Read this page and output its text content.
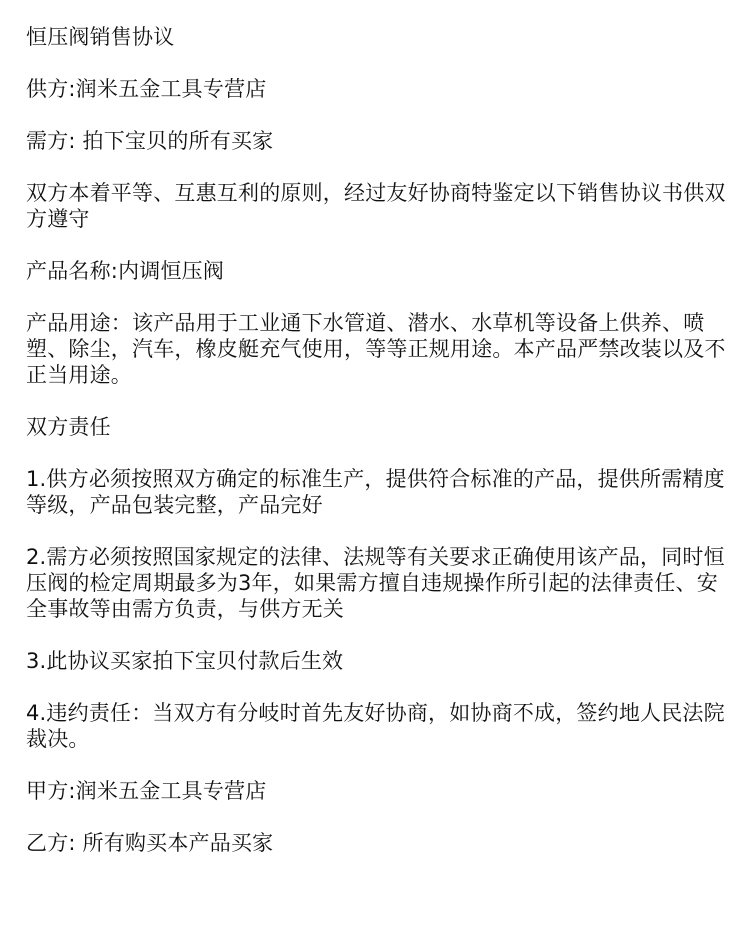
恒压阀销售协议

供方:润米五金工具专营店

需方: 拍下宝贝的所有买家

双方本着平等、互惠互利的原则，经过友好协商特鉴定以下销售协议书供双方遵守

产品名称:内调恒压阀

产品用途：该产品用于工业通下水管道、潜水、水草机等设备上供养、喷塑、除尘，汽车，橡皮艇充气使用，等等正规用途。本产品严禁改装以及不正当用途。

双方责任

1.供方必须按照双方确定的标准生产，提供符合标准的产品，提供所需精度等级，产品包装完整，产品完好

2.需方必须按照国家规定的法律、法规等有关要求正确使用该产品，同时恒压阀的检定周期最多为3年，如果需方擅自违规操作所引起的法律责任、安全事故等由需方负责，与供方无关

3.此协议买家拍下宝贝付款后生效

4.违约责任：当双方有分岐时首先友好协商，如协商不成，签约地人民法院裁决。

甲方:润米五金工具专营店

乙方: 所有购买本产品买家
